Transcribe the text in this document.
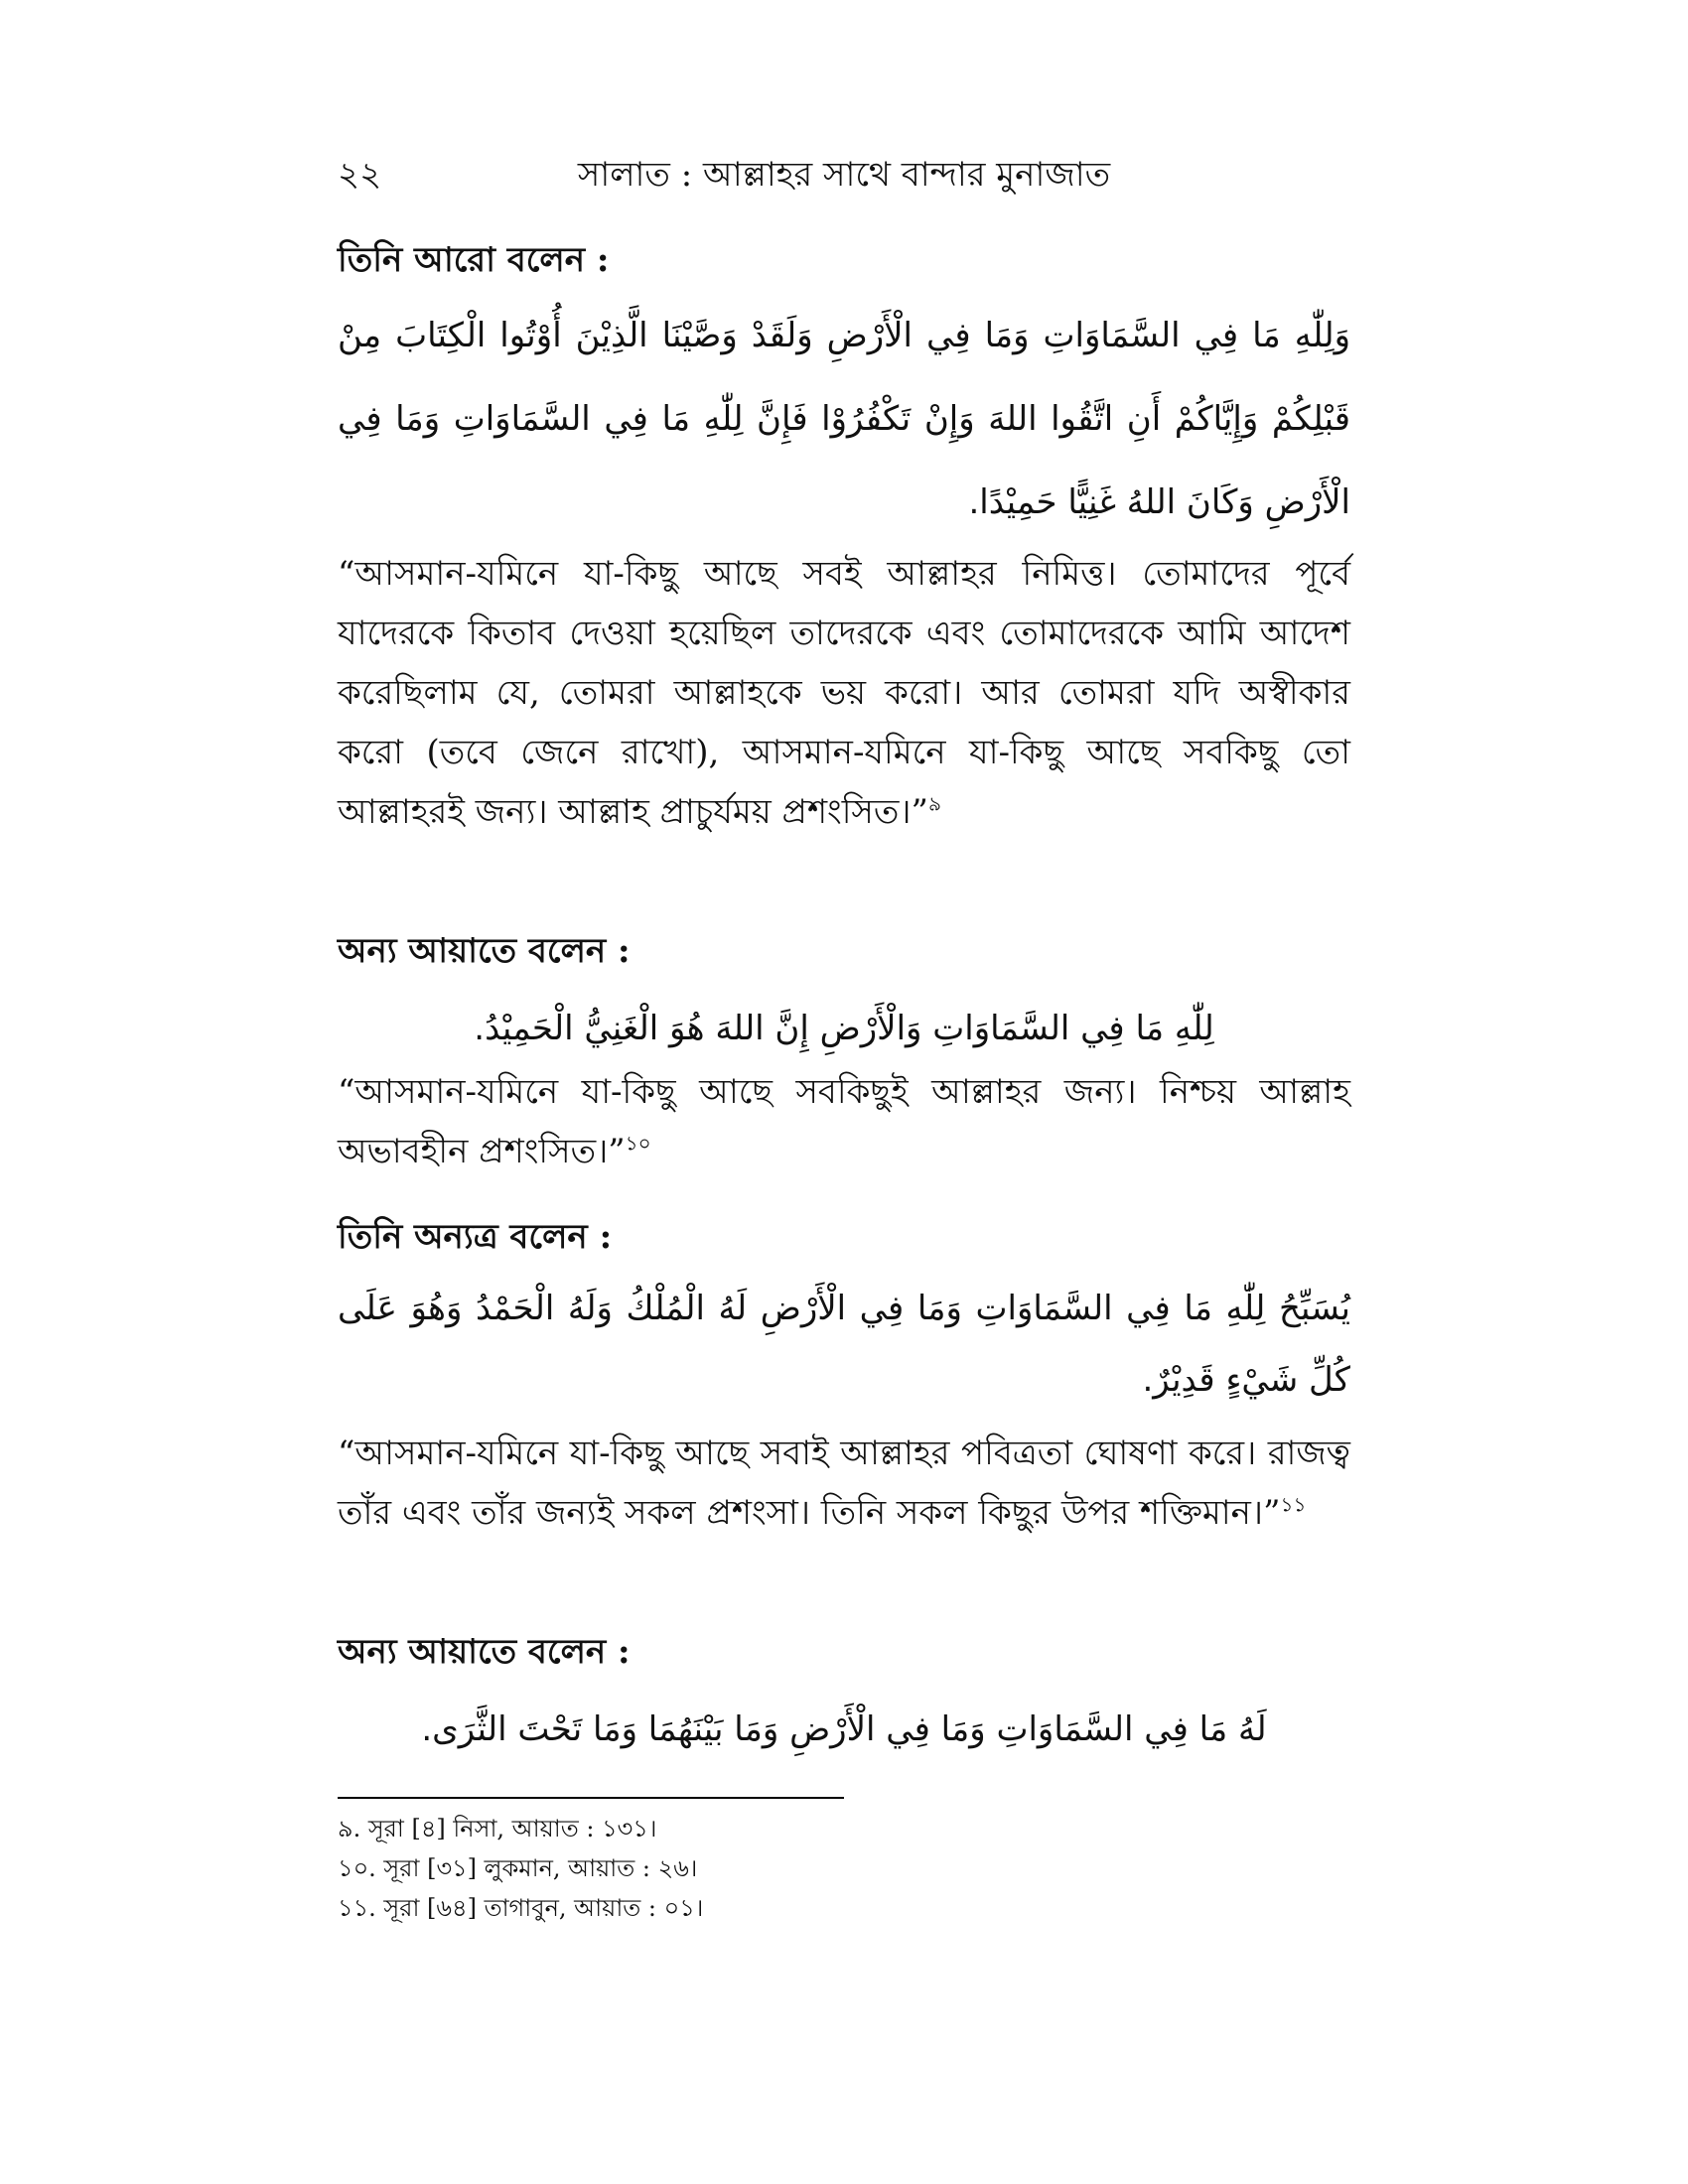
২২	সালাত : আল্লাহর সাথে বান্দার মুনাজাত
তিনি আরো বলেন :
وَلِلّٰهِ مَا فِي السَّمَاوَاتِ وَمَا فِي الْأَرْضِ وَلَقَدْ وَصَّيْنَا الَّذِيْنَ أُوْتُوا الْكِتَابَ مِنْ قَبْلِكُمْ وَإِيَّاكُمْ أَنِ اتَّقُوا اللهَ وَإِنْ تَكْفُرُوْا فَإِنَّ لِلّٰهِ مَا فِي السَّمَاوَاتِ وَمَا فِي الْأَرْضِ وَكَانَ اللهُ غَنِيًّا حَمِيْدًا.
“আসমান-যমিনে যা-কিছু আছে সবই আল্লাহর নিমিত্ত। তোমাদের পূর্বে যাদেরকে কিতাব দেওয়া হয়েছিল তাদেরকে এবং তোমাদেরকে আমি আদেশ করেছিলাম যে, তোমরা আল্লাহকে ভয় করো। আর তোমরা যদি অস্বীকার করো (তবে জেনে রাখো), আসমান-যমিনে যা-কিছু আছে সবকিছু তো আল্লাহরই জন্য। আল্লাহ প্রাচুর্যময় প্রশংসিত।”$^৯$
অন্য আয়াতে বলেন :
لِلّٰهِ مَا فِي السَّمَاوَاتِ وَالْأَرْضِ إِنَّ اللهَ هُوَ الْغَنِيُّ الْحَمِيْدُ.
“আসমান-যমিনে যা-কিছু আছে সবকিছুই আল্লাহর জন্য। নিশ্চয় আল্লাহ অভাবহীন প্রশংসিত।”$^{১০}$
তিনি অন্যত্র বলেন :
يُسَبِّحُ لِلّٰهِ مَا فِي السَّمَاوَاتِ وَمَا فِي الْأَرْضِ لَهُ الْمُلْكُ وَلَهُ الْحَمْدُ وَهُوَ عَلَى كُلِّ شَيْءٍ قَدِيْرٌ.
“আসমান-যমিনে যা-কিছু আছে সবাই আল্লাহর পবিত্রতা ঘোষণা করে। রাজত্ব তাঁর এবং তাঁর জন্যই সকল প্রশংসা। তিনি সকল কিছুর উপর শক্তিমান।”$^{১১}$
অন্য আয়াতে বলেন :
لَهُ مَا فِي السَّمَاوَاتِ وَمَا فِي الْأَرْضِ وَمَا بَيْنَهُمَا وَمَا تَحْتَ الثَّرَى.
৯. সূরা [৪] নিসা, আয়াত : ১৩১।
১০. সূরা [৩১] লুকমান, আয়াত : ২৬।
১১. সূরা [৬৪] তাগাবুন, আয়াত : ০১।
